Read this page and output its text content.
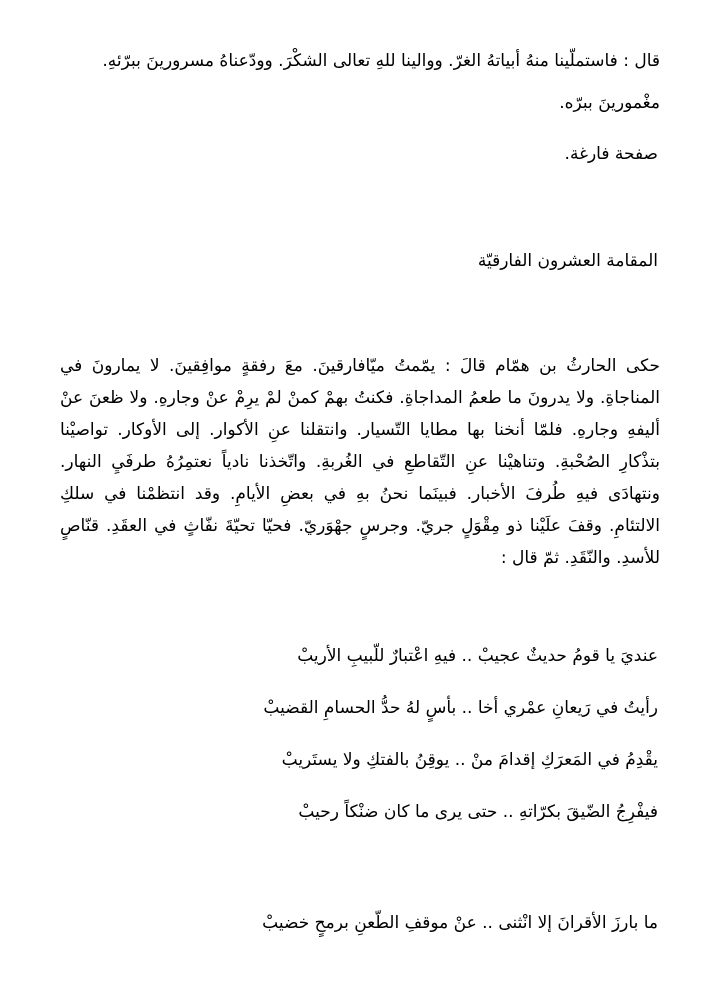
قال : فاستملّينا منهُ أبياتهُ الغرّ. ووالينا للهِ تعالى الشكْرَ. وودّعناهُ مسرورينَ ببرّئهِ.

مغْمورينَ ببرّه.

صفحة فارغة.

المقامة العشرون الفارقيّة

حكى الحارثُ بن همّام قالَ : يمّمتُ ميّافارقينَ. معَ رفقةٍ موافِقينَ. لا يمارونَ في
المناجاةِ. ولا يدرونَ ما طعمُ المداجاةِ. فكنتُ بهمْ كمنْ لمْ يرِمْ عنْ وجارهِ. ولا ظعنَ عنْ
أليفهِ وجارهِ. فلمّا أنخنا بها مطايا التّسيار. وانتقلنا عنِ الأكوار. إلى الأوكار. تواصيْنا
بتذْكارِ الصُحْبةِ. وتناهيْنا عنِ التّقاطعِ في الغُربةِ. واتّخذنا نادياً نعتمِرُهُ طرفَيِ النهار.
ونتهادَى فيهِ طُرفَ الأخبار. فبينَما نحنُ بهِ في بعضِ الأيامِ. وقد انتظمْنا في سلكِ
الالتئامِ. وقفَ علَيْنا ذو مِقْوَلٍ جريّ. وجرسٍ جهْوَريّ. فحيّا تحيّةَ نفّاثٍ في العقَدِ. قنّاصٍ
للأسدِ. والنّقَدِ. ثمّ قال :

عنديَ يا قومُ حديثٌ عجيبْ .. فيهِ اعْتبارٌ للّبيبِ الأريبْ

رأيتُ في رَيعانِ عمْري أخا .. بأسٍ لهُ حدُّ الحسامِ القضيبْ

يقْدِمُ في المَعرَكِ إقدامَ منْ .. يوقِنُ بالفتكِ ولا يستَريبْ

فيفْرِجُ الضّيقَ بكرّاتهِ .. حتى يرى ما كان ضنْكاً رحيبْ

ما بارزَ الأقرانَ إلا انْثنى .. عنْ موقفِ الطّعنِ برمحٍ خضيبْ
